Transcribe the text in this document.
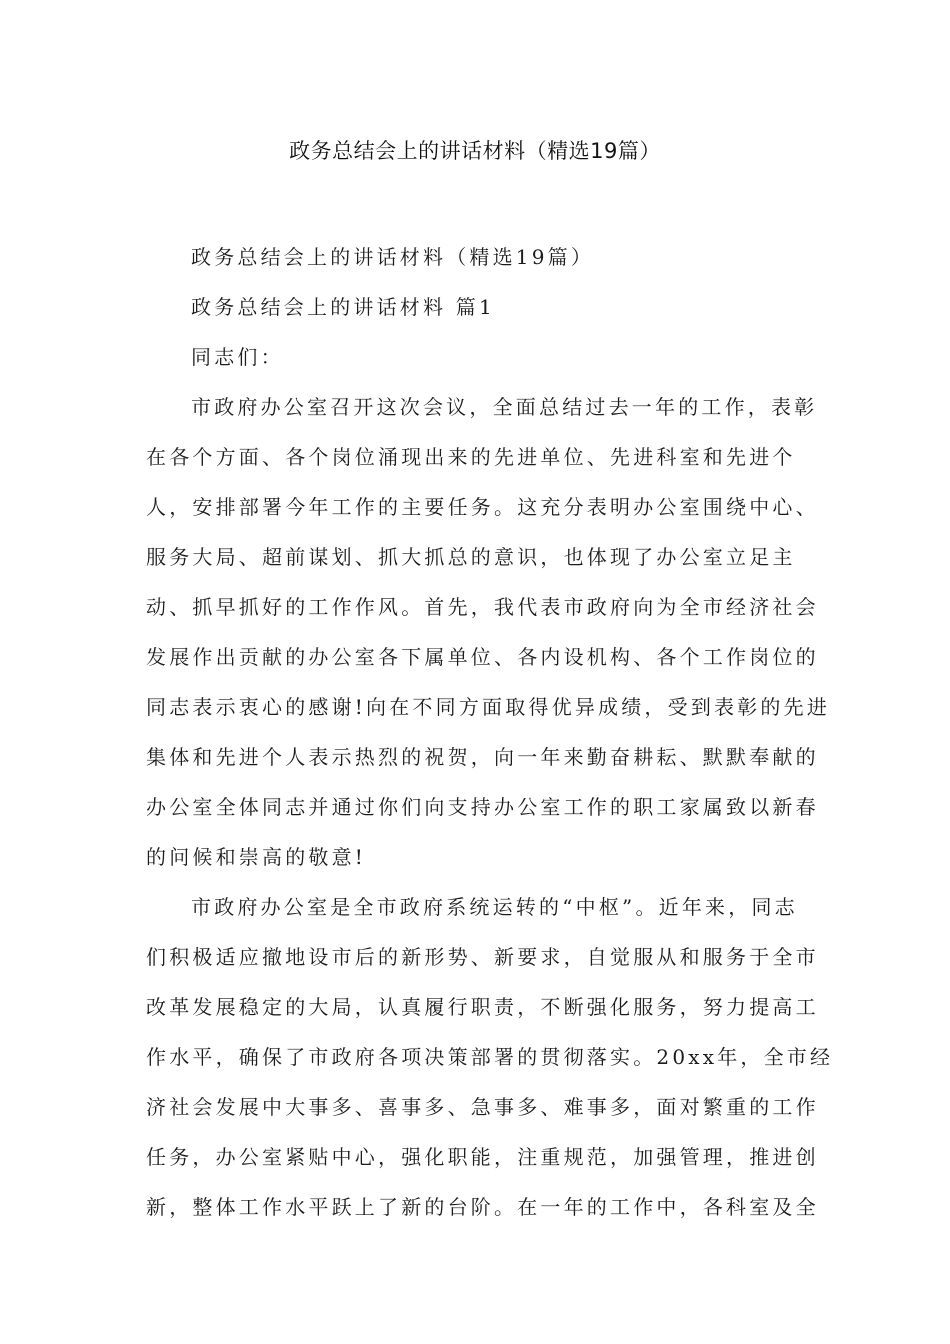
政务总结会上的讲话材料（精选19篇）

政务总结会上的讲话材料（精选19篇）

政务总结会上的讲话材料 篇1

同志们：

市政府办公室召开这次会议，全面总结过去一年的工作，表彰

在各个方面、各个岗位涌现出来的先进单位、先进科室和先进个

人，安排部署今年工作的主要任务。这充分表明办公室围绕中心、

服务大局、超前谋划、抓大抓总的意识，也体现了办公室立足主

动、抓早抓好的工作作风。首先，我代表市政府向为全市经济社会

发展作出贡献的办公室各下属单位、各内设机构、各个工作岗位的

同志表示衷心的感谢!向在不同方面取得优异成绩，受到表彰的先进

集体和先进个人表示热烈的祝贺，向一年来勤奋耕耘、默默奉献的

办公室全体同志并通过你们向支持办公室工作的职工家属致以新春

的问候和崇高的敬意!

市政府办公室是全市政府系统运转的“中枢”。近年来，同志

们积极适应撤地设市后的新形势、新要求，自觉服从和服务于全市

改革发展稳定的大局，认真履行职责，不断强化服务，努力提高工

作水平，确保了市政府各项决策部署的贯彻落实。20xx年，全市经

济社会发展中大事多、喜事多、急事多、难事多，面对繁重的工作

任务，办公室紧贴中心，强化职能，注重规范，加强管理，推进创

新，整体工作水平跃上了新的台阶。在一年的工作中，各科室及全
